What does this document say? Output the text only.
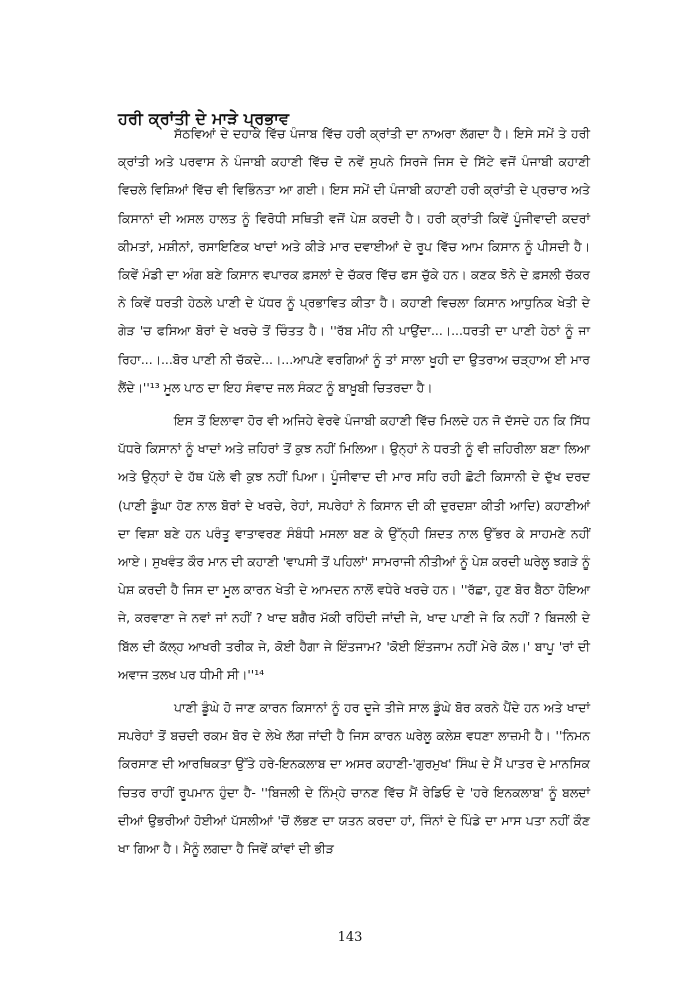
ਹਰੀ ਕ੍ਰਾਂਤੀ ਦੇ ਮਾੜੇ ਪ੍ਰਭਾਵ

ਸੱਠਵਿਆਂ ਦੇ ਦਹਾਕੇ ਵਿੱਚ ਪੰਜਾਬ ਵਿੱਚ ਹਰੀ ਕ੍ਰਾਂਤੀ ਦਾ ਨਾਅਰਾ ਲੱਗਦਾ ਹੈ। ਇਸੇ ਸਮੇਂ ਤੇ ਹਰੀ ਕ੍ਰਾਂਤੀ ਅਤੇ ਪਰਵਾਸ ਨੇ ਪੰਜਾਬੀ ਕਹਾਣੀ ਵਿੱਚ ਦੋ ਨਵੇਂ ਸੁਪਨੇ ਸਿਰਜੇ ਜਿਸ ਦੇ ਸਿੱਟੇ ਵਜੋਂ ਪੰਜਾਬੀ ਕਹਾਣੀ ਵਿਚਲੇ ਵਿਸ਼ਿਆਂ ਵਿੱਚ ਵੀ ਵਿਭਿੰਨਤਾ ਆ ਗਈ। ਇਸ ਸਮੇਂ ਦੀ ਪੰਜਾਬੀ ਕਹਾਣੀ ਹਰੀ ਕ੍ਰਾਂਤੀ ਦੇ ਪ੍ਰਚਾਰ ਅਤੇ ਕਿਸਾਨਾਂ ਦੀ ਅਸਲ ਹਾਲਤ ਨੂੰ ਵਿਰੋਧੀ ਸਥਿਤੀ ਵਜੋਂ ਪੇਸ਼ ਕਰਦੀ ਹੈ। ਹਰੀ ਕ੍ਰਾਂਤੀ ਕਿਵੇਂ ਪੂੰਜੀਵਾਦੀ ਕਦਰਾਂ ਕੀਮਤਾਂ, ਮਸ਼ੀਨਾਂ, ਰਸਾਇਣਿਕ ਖਾਦਾਂ ਅਤੇ ਕੀੜੇ ਮਾਰ ਦਵਾਈਆਂ ਦੇ ਰੂਪ ਵਿੱਚ ਆਮ ਕਿਸਾਨ ਨੂੰ ਪੀਸਦੀ ਹੈ। ਕਿਵੇਂ ਮੰਡੀ ਦਾ ਅੰਗ ਬਣੇ ਕਿਸਾਨ ਵਪਾਰਕ ਫ਼ਸਲਾਂ ਦੇ ਚੱਕਰ ਵਿੱਚ ਫਸ ਚੁੱਕੇ ਹਨ। ਕਣਕ ਝੋਨੇ ਦੇ ਫ਼ਸਲੀ ਚੱਕਰ ਨੇ ਕਿਵੇਂ ਧਰਤੀ ਹੇਠਲੇ ਪਾਣੀ ਦੇ ਪੱਧਰ ਨੂੰ ਪ੍ਰਭਾਵਿਤ ਕੀਤਾ ਹੈ। ਕਹਾਣੀ ਵਿਚਲਾ ਕਿਸਾਨ ਆਧੁਨਿਕ ਖੇਤੀ ਦੇ ਗੇੜ 'ਚ ਫਸਿਆ ਬੋਰਾਂ ਦੇ ਖਰਚੇ ਤੋਂ ਚਿੰਤਤ ਹੈ। ''ਰੱਬ ਮੀਂਹ ਨੀ ਪਾਉਂਦਾ...।...ਧਰਤੀ ਦਾ ਪਾਣੀ ਹੇਠਾਂ ਨੂੰ ਜਾ ਰਿਹਾ...।...ਬੋਰ ਪਾਣੀ ਨੀ ਚੱਕਦੇ...।...ਆਪਣੇ ਵਰਗਿਆਂ ਨੂੰ ਤਾਂ ਸਾਲਾ ਖੂਹੀ ਦਾ ਉਤਰਾਅ ਚੜ੍ਹਾਅ ਈ ਮਾਰ ਲੈਂਦੇ।''¹³ ਮੂਲ ਪਾਠ ਦਾ ਇਹ ਸੰਵਾਦ ਜਲ ਸੰਕਟ ਨੂੰ ਬਾਖ਼ੂਬੀ ਚਿਤਰਦਾ ਹੈ।

ਇਸ ਤੋਂ ਇਲਾਵਾ ਹੋਰ ਵੀ ਅਜਿਹੇ ਵੇਰਵੇ ਪੰਜਾਬੀ ਕਹਾਣੀ ਵਿੱਚ ਮਿਲਦੇ ਹਨ ਜੋ ਦੱਸਦੇ ਹਨ ਕਿ ਸਿੱਧ ਪੱਧਰੇ ਕਿਸਾਨਾਂ ਨੂੰ ਖਾਦਾਂ ਅਤੇ ਜ਼ਹਿਰਾਂ ਤੋਂ ਕੁਝ ਨਹੀਂ ਮਿਲਿਆ। ਉਨ੍ਹਾਂ ਨੇ ਧਰਤੀ ਨੂੰ ਵੀ ਜ਼ਹਿਰੀਲਾ ਬਣਾ ਲਿਆ ਅਤੇ ਉਨ੍ਹਾਂ ਦੇ ਹੱਥ ਪੱਲੇ ਵੀ ਕੁਝ ਨਹੀਂ ਪਿਆ। ਪੂੰਜੀਵਾਦ ਦੀ ਮਾਰ ਸਹਿ ਰਹੀ ਛੋਟੀ ਕਿਸਾਨੀ ਦੇ ਦੁੱਖ ਦਰਦ (ਪਾਣੀ ਡੂੰਘਾ ਹੋਣ ਨਾਲ ਬੋਰਾਂ ਦੇ ਖਰਚੇ, ਰੇਹਾਂ, ਸਪਰੇਹਾਂ ਨੇ ਕਿਸਾਨ ਦੀ ਕੀ ਦੁਰਦਸ਼ਾ ਕੀਤੀ ਆਦਿ) ਕਹਾਣੀਆਂ ਦਾ ਵਿਸ਼ਾ ਬਣੇ ਹਨ ਪਰੰਤੂ ਵਾਤਾਵਰਣ ਸੰਬੰਧੀ ਮਸਲਾ ਬਣ ਕੇ ਉੱਨ੍ਹੀ ਸ਼ਿਦਤ ਨਾਲ ਉੱਭਰ ਕੇ ਸਾਹਮਣੇ ਨਹੀਂ ਆਏ। ਸੁਖਵੰਤ ਕੌਰ ਮਾਨ ਦੀ ਕਹਾਣੀ 'ਵਾਪਸੀ ਤੋਂ ਪਹਿਲਾਂ' ਸਾਮਰਾਜੀ ਨੀਤੀਆਂ ਨੂੰ ਪੇਸ਼ ਕਰਦੀ ਘਰੇਲੂ ਝਗੜੇ ਨੂੰ ਪੇਸ਼ ਕਰਦੀ ਹੈ ਜਿਸ ਦਾ ਮੂਲ ਕਾਰਨ ਖੇਤੀ ਦੇ ਆਮਦਨ ਨਾਲੋਂ ਵਧੇਰੇ ਖਰਚੇ ਹਨ। ''ਰੱਛਾ, ਹੁਣ ਬੋਰ ਬੈਠਾ ਹੋਇਆ ਜੇ, ਕਰਵਾਣਾ ਜੇ ਨਵਾਂ ਜਾਂ ਨਹੀਂ ? ਖਾਦ ਬਗੈਰ ਮੱਕੀ ਰਹਿੰਦੀ ਜਾਂਦੀ ਜੇ, ਖਾਦ ਪਾਣੀ ਜੇ ਕਿ ਨਹੀਂ ? ਬਿਜਲੀ ਦੇ ਬਿੱਲ ਦੀ ਕੱਲ੍ਹ ਆਖਰੀ ਤਰੀਕ ਜੇ, ਕੋਈ ਹੈਗਾ ਜੇ ਇੰਤਜਾਮ? 'ਕੋਈ ਇੰਤਜਾਮ ਨਹੀਂ ਮੇਰੇ ਕੋਲ।' ਬਾਪੂ 'ਰਾਂ ਦੀ ਅਵਾਜ ਤਲਖ ਪਰ ਧੀਮੀ ਸੀ।''¹⁴

ਪਾਣੀ ਡੂੰਘੇ ਹੋ ਜਾਣ ਕਾਰਨ ਕਿਸਾਨਾਂ ਨੂੰ ਹਰ ਦੂਜੇ ਤੀਜੇ ਸਾਲ ਡੂੰਘੇ ਬੋਰ ਕਰਨੇ ਪੈਂਦੇ ਹਨ ਅਤੇ ਖਾਦਾਂ ਸਪਰੇਹਾਂ ਤੋਂ ਬਚਦੀ ਰਕਮ ਬੋਰ ਦੇ ਲੇਖੇ ਲੱਗ ਜਾਂਦੀ ਹੈ ਜਿਸ ਕਾਰਨ ਘਰੇਲੂ ਕਲੇਸ਼ ਵਧਣਾ ਲਾਜ਼ਮੀ ਹੈ। ''ਨਿਮਨ ਕਿਰਸਾਣ ਦੀ ਆਰਥਿਕਤਾ ਉੱਤੇ ਹਰੇ-ਇਨਕਲਾਬ ਦਾ ਅਸਰ ਕਹਾਣੀ-'ਗੁਰਮੁਖ' ਸਿੰਘ ਦੇ ਮੈਂ ਪਾਤਰ ਦੇ ਮਾਨਸਿਕ ਚਿਤਰ ਰਾਹੀਂ ਰੂਪਮਾਨ ਹੁੰਦਾ ਹੈ- ''ਬਿਜਲੀ ਦੇ ਨਿੰਮ੍ਹੇ ਚਾਨਣ ਵਿੱਚ ਮੈਂ ਰੇਡਿਓ ਦੇ 'ਹਰੇ ਇਨਕਲਾਬ' ਨੂੰ ਬਲਦਾਂ ਦੀਆਂ ਉਭਰੀਆਂ ਹੋਈਆਂ ਪੱਸਲੀਆਂ 'ਚੋਂ ਲੱਭਣ ਦਾ ਯਤਨ ਕਰਦਾ ਹਾਂ, ਜਿੰਨਾਂ ਦੇ ਪਿੰਡੇ ਦਾ ਮਾਸ ਪਤਾ ਨਹੀਂ ਕੌਣ ਖਾ ਗਿਆ ਹੈ। ਮੈਨੂੰ ਲਗਦਾ ਹੈ ਜਿਵੇਂ ਕਾਂਵਾਂ ਦੀ ਭੀੜ

143
